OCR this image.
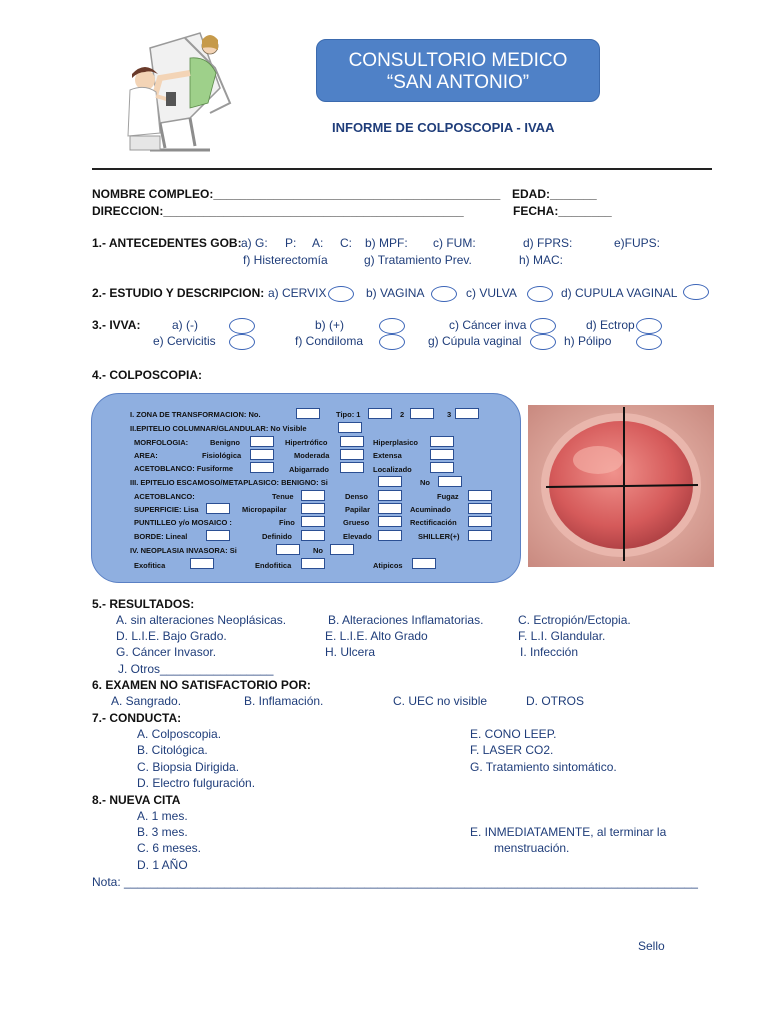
CONSULTORIO MEDICO
“SAN ANTONIO”
INFORME DE COLPOSCOPIA - IVAA
NOMBRE COMPLEO:___________________________________________ EDAD:_______
DIRECCION:_____________________________________________	FECHA:________
1.- ANTECEDENTES GOB: a) G: P: A: C: b) MPF: c) FUM:	d) FPRS:	e)FUPS:
f) Histerectomía	g) Tratamiento Prev.	h) MAC:
2.- ESTUDIO Y DESCRIPCION: a) CERVIX	b) VAGINA	c) VULVA	d) CUPULA VAGINAL
3.- IVVA:	a) (-)	b) (+)	c) Cáncer inva	d) Ectrop
e) Cervicitis	f) Condiloma	g) Cúpula vaginal	h) Pólipo
4.- COLPOSCOPIA:
I. ZONA DE TRANSFORMACION: No.	Tipo: 1	2	3
II.EPITELIO COLUMNAR/GLANDULAR: No Visible
MORFOLOGIA:	Benigno	Hipertrófico	Hiperplasico
AREA:	Fisiológica	Moderada	Extensa
ACETOBLANCO: Fusiforme	Abigarrado	Localizado
III. EPITELIO ESCAMOSO/METAPLASICO: BENIGNO: Si	No
ACETOBLANCO:	Tenue	Denso	Fugaz
SUPERFICIE: Lisa	Micropapilar	Papilar	Acuminado
PUNTILLEO y/o MOSAICO :	Fino	Grueso	Rectificación
BORDE: Lineal	Definido	Elevado	SHILLER(+)
IV. NEOPLASIA INVASORA: Si	No
Exofitica	Endofitica	Atipicos
5.- RESULTADOS:
A. sin alteraciones Neoplásicas.	B. Alteraciones Inflamatorias.	C. Ectropión/Ectopia.
D. L.I.E. Bajo Grado.	E. L.I.E. Alto Grado	F. L.I. Glandular.
G. Cáncer Invasor.	H. Ulcera	I. Infección
J. Otros_________________
6. EXAMEN NO SATISFACTORIO POR:
A. Sangrado.	B. Inflamación.	C. UEC no visible	D. OTROS
7.- CONDUCTA:
A. Colposcopia.
B. Citológica.
C. Biopsia Dirigida.
D. Electro fulguración.
E. CONO LEEP.
F. LASER CO2.
G. Tratamiento sintomático.
8.- NUEVA CITA
A. 1 mes.
B. 3 mes.
C. 6 meses.
D. 1 AÑO
E. INMEDIATAMENTE, al terminar la
menstruación.
Nota: ______________________________________________________________________________________
Sello
